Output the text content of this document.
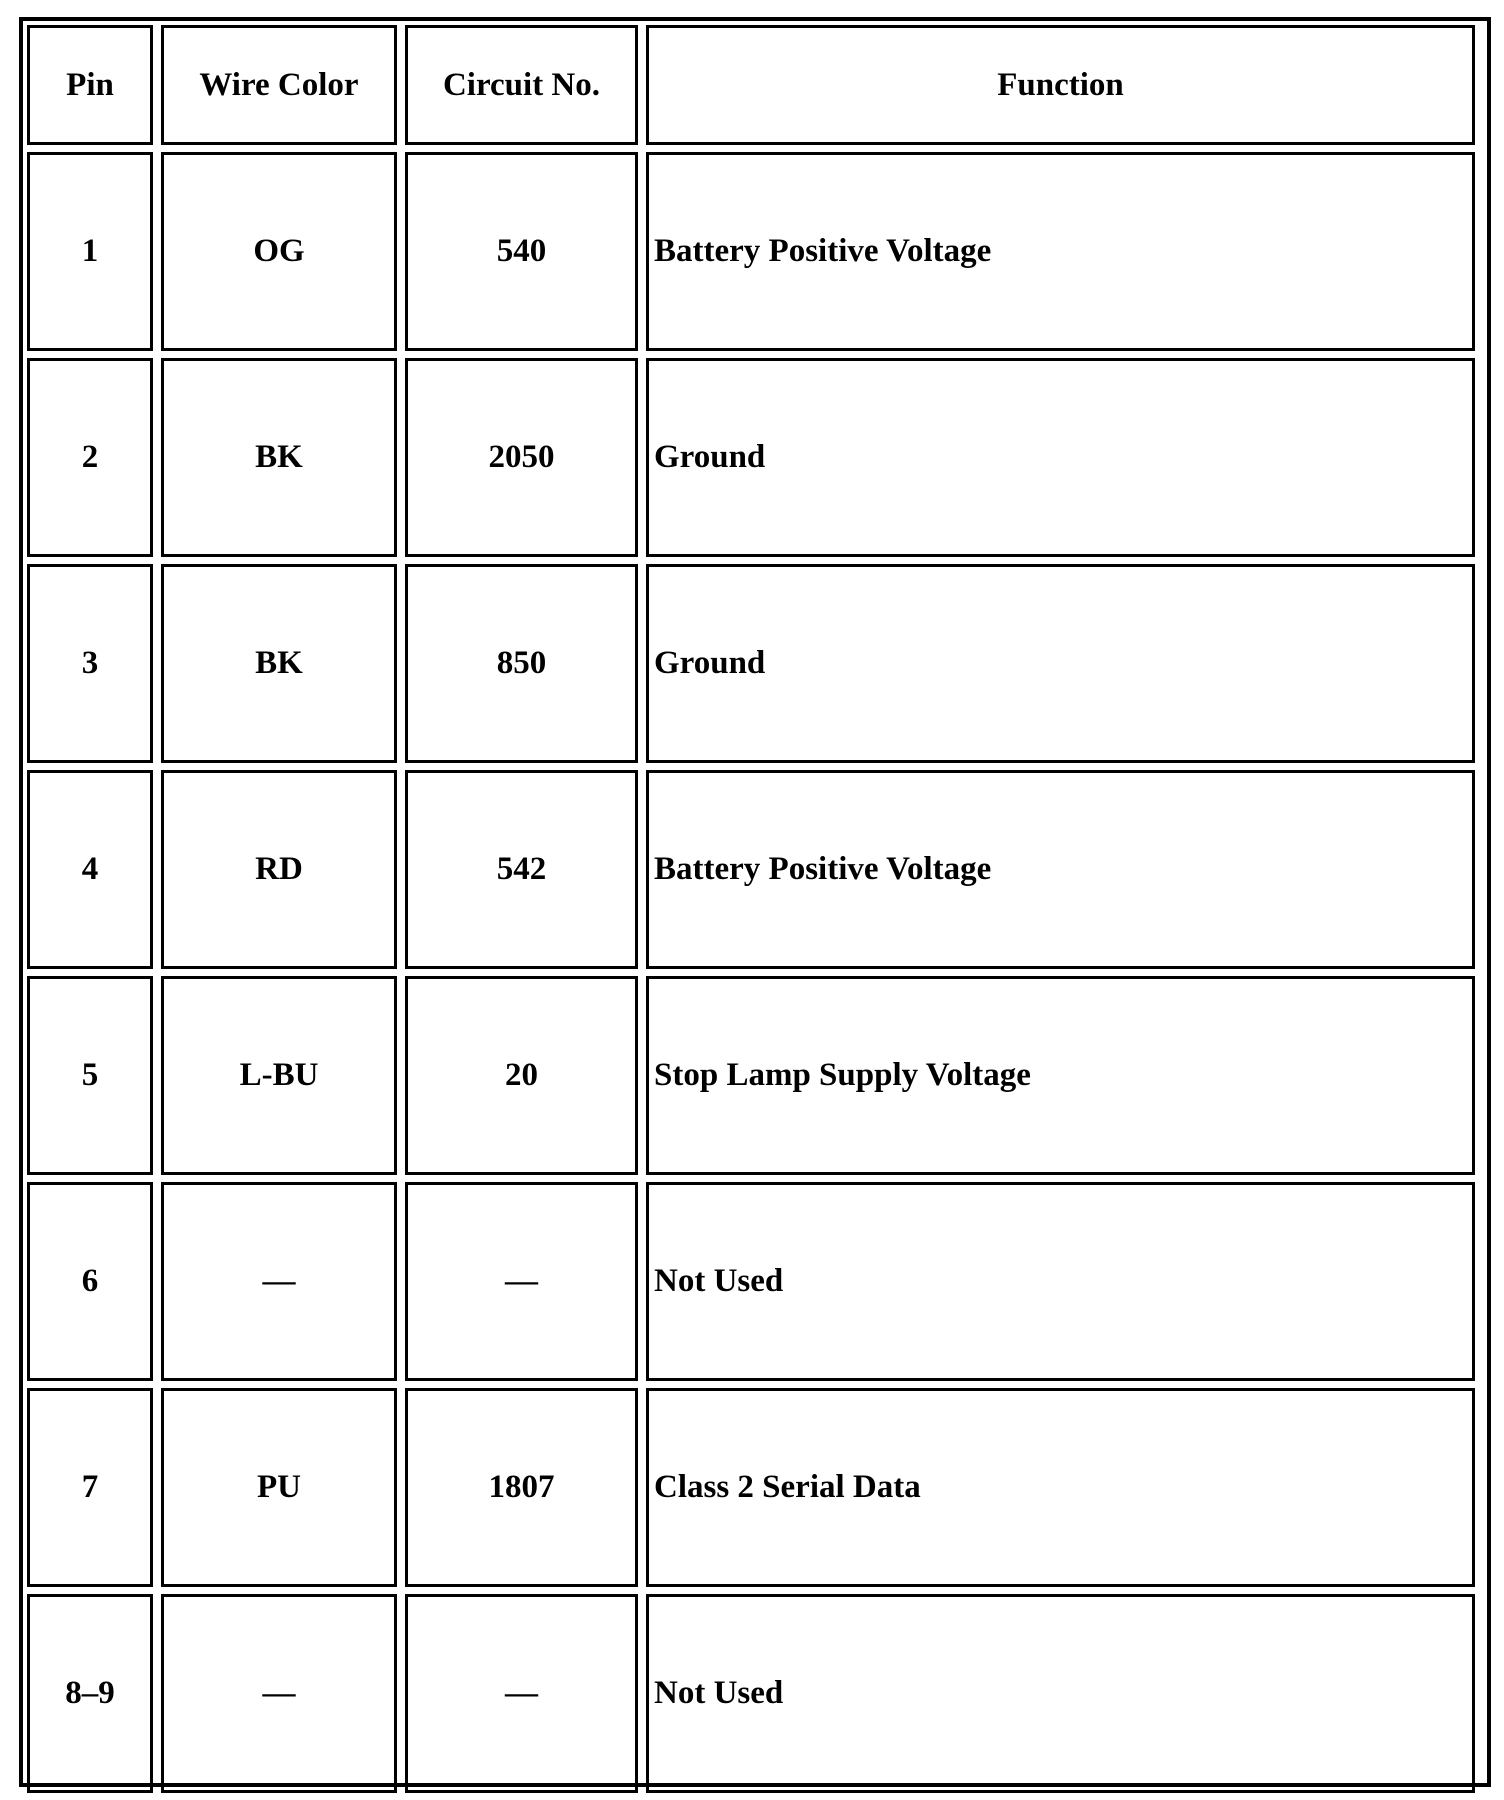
Pin	Wire Color	Circuit No.	Function
1	OG	540	Battery Positive Voltage
2	BK	2050	Ground
3	BK	850	Ground
4	RD	542	Battery Positive Voltage
5	L-BU	20	Stop Lamp Supply Voltage
6	—	—	Not Used
7	PU	1807	Class 2 Serial Data
8–9	—	—	Not Used
